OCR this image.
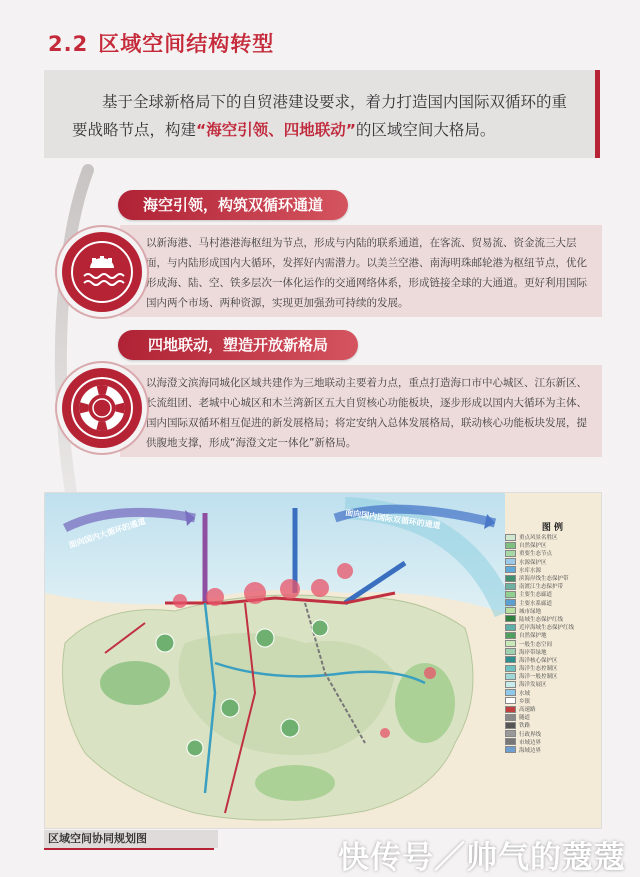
2.2 区域空间结构转型
基于全球新格局下的自贸港建设要求，着力打造国内国际双循环的重要战略节点，构建“海空引领、四地联动”的区域空间大格局。
海空引领，构筑双循环通道
以新海港、马村港港海枢纽为节点，形成与内陆的联系通道，在客流、贸易流、资金流三大层面，与内陆形成国内大循环，发挥好内需潜力。以美兰空港、南海明珠邮轮港为枢纽节点，优化形成海、陆、空、铁多层次一体化运作的交通网络体系，形成链接全球的大通道。更好利用国际国内两个市场、两种资源，实现更加强劲可持续的发展。
四地联动，塑造开放新格局
以海澄文滨海同城化区域共建作为三地联动主要着力点，重点打造海口市中心城区、江东新区、长流组团、老城中心城区和木兰湾新区五大自贸核心功能板块，逐步形成以国内大循环为主体、国内国际双循环相互促进的新发展格局；将定安纳入总体发展格局，联动核心功能板块发展，提供腹地支撑，形成“海澄文定一体化”新格局。
面向国内大循环的通道	面向国内国际双循环的通道	图 例
重点风景名胜区
自然保护区
重要生态节点
水源保护区
水库水源
滨海岸线生态保护带
南渡江生态保护带
主要生态廊道
主要水系廊道
城市绿地
陆域生态保护红线
近岸海域生态保护红线
自然保护地
一般生态空间
海岸带绿地
海洋核心保护区
海洋生态控制区
海洋一般控制区
海洋发展区
水域
乡镇
高速路
隧道
铁路
行政界线
市域边界
海域边界
区域空间协同规划图
快传号／帅气的蔻蔻
